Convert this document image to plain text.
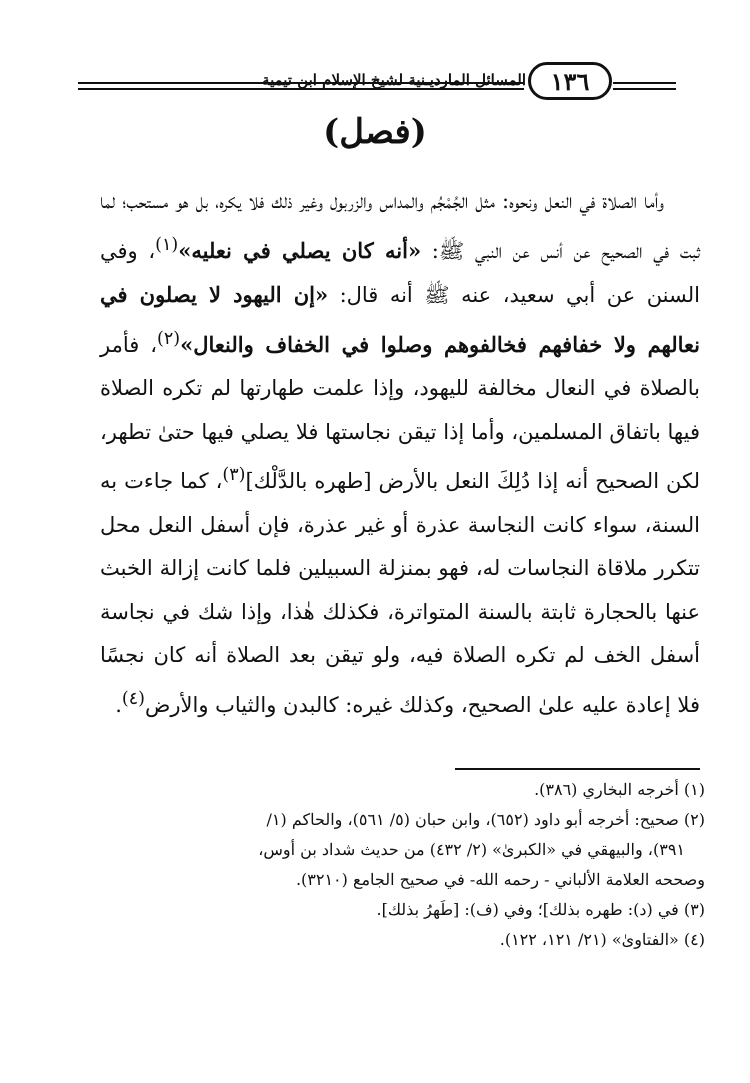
١٣٦
المسائل المارديـنية لشيخ الإسلام ابن تيمية
(فصل)
وأما الصلاة في النعل ونحوه: مثل الجُمْجُم والمداس والزربول وغير ذلك فلا يكره، بل هو مستحب؛ لما ثبت في الصحيح عن أنس عن النبي ﷺ: «أنه كان يصلي في نعليه»$^{(١)}$، وفي السنن عن أبي سعيد، عنه ﷺ أنه قال: «إن اليهود لا يصلون في نعالهم ولا خفافهم فخالفوهم وصلوا في الخفاف والنعال»$^{(٢)}$، فأمر بالصلاة في النعال مخالفة لليهود، وإذا علمت طهارتها لم تكره الصلاة فيها باتفاق المسلمين، وأما إذا تيقن نجاستها فلا يصلي فيها حتىٰ تطهر، لكن الصحيح أنه إذا دُلِكَ النعل بالأرض [طهره بالدَّلْك]$^{(٣)}$، كما جاءت به السنة، سواء كانت النجاسة عذرة أو غير عذرة، فإن أسفل النعل محل تتكرر ملاقاة النجاسات له، فهو بمنزلة السبيلين فلما كانت إزالة الخبث عنها بالحجارة ثابتة بالسنة المتواترة، فكذلك هٰذا، وإذا شك في نجاسة أسفل الخف لم تكره الصلاة فيه، ولو تيقن بعد الصلاة أنه كان نجسًا فلا إعادة عليه علىٰ الصحيح، وكذلك غيره: كالبدن والثياب والأرض$^{(٤)}$.

(١) أخرجه البخاري (٣٨٦).

(٢) صحيح: أخرجه أبو داود (٦٥٢)، وابن حبان (٥/ ٥٦١)، والحاكم (١/

٣٩١)، والبيهقي في «الكبرىٰ» (٢/ ٤٣٢) من حديث شداد بن أوس،

وصححه العلامة الألباني - رحمه الله- في صحيح الجامع (٣٢١٠).

(٣) في (د): طهره بذلك]؛ وفي (ف): [طَهرُ بذلك].

(٤) «الفتاوىٰ» (٢١/ ١٢١، ١٢٢).
